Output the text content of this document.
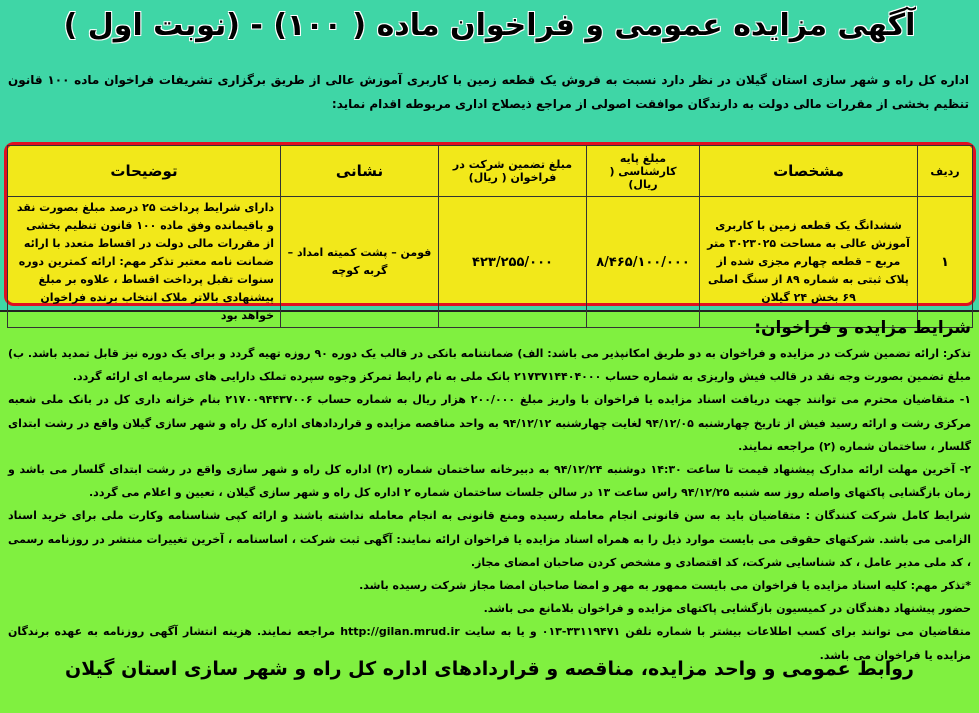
آگهی مزایده عمومی و فراخوان ماده ( ۱۰۰) - (نوبت اول )
اداره کل راه و شهر سازی استان گیلان در نظر دارد نسبت به فروش یک قطعه زمین با کاربری آموزش عالی از طریق برگزاری تشریفات فراخوان ماده ۱۰۰ قانون تنظیم بخشی از مقررات مالی دولت به دارندگان موافقت اصولی از مراجع ذیصلاح اداری مربوطه اقدام نماید:
ردیف	مشخصات	مبلغ پایه کارشناسی ( ریال)	مبلغ تضمین شرکت در فراخوان ( ریال)	نشانی	توضیحات
۱	ششدانگ یک قطعه زمین با کاربری آموزش عالی به مساحت ۳۰۲۳۰۲۵ متر مربع – قطعه چهارم مجزی شده از پلاک ثبتی به شماره ۸۹ از سنگ اصلی ۶۹ بخش ۲۴ گیلان	۸/۴۶۵/۱۰۰/۰۰۰	۴۲۳/۲۵۵/۰۰۰	فومن – پشت کمیته امداد – گربه کوچه	دارای شرایط پرداخت ۲۵ درصد مبلغ بصورت نقد و باقیمانده وفق ماده ۱۰۰ قانون تنظیم بخشی از مقررات مالی دولت در اقساط متعدد با ارائه ضمانت نامه معتبر تذکر مهم: ارائه کمترین دوره سنوات تقبل پرداخت اقساط ، علاوه بر مبلغ پیشنهادی بالاتر ملاک انتخاب برنده فراخوان خواهد بود
شرایط مزایده و فراخوان:

تذکر: ارائه تضمین شرکت در مزایده و فراخوان به دو طریق امکانپذیر می باشد: الف) ضمانتنامه بانکی در قالب یک دوره ۹۰ روزه تهیه گردد و برای یک دوره نیز قابل تمدید باشد. ب) مبلغ تضمین بصورت وجه نقد در قالب فیش واریزی به شماره حساب ۲۱۷۳۷۱۴۴۰۴۰۰۰ بانک ملی به نام رابط تمرکز وجوه سپرده تملک دارایی های سرمایه ای ارائه گردد.

۱- متقاضیان محترم می توانند جهت دریافت اسناد مزایده یا فراخوان با واریز مبلغ ۲۰۰/۰۰۰ هزار ریال به شماره حساب ۲۱۷۰۰۹۴۴۳۷۰۰۶ بنام خزانه داری کل در بانک ملی شعبه مرکزی رشت و ارائه رسید فیش از تاریخ چهارشنبه ۹۴/۱۲/۰۵ لغایت چهارشنبه ۹۴/۱۲/۱۲ به واحد مناقصه مزایده و قراردادهای اداره کل راه و شهر سازی گیلان واقع در رشت ابتدای گلسار ، ساختمان شماره (۲) مراجعه نمایند.

۲- آخرین مهلت ارائه مدارک پیشنهاد قیمت تا ساعت ۱۴:۳۰ دوشنبه ۹۴/۱۲/۲۴ به دبیرخانه ساختمان شماره (۲) اداره کل راه و شهر سازی واقع در رشت ابتدای گلسار می باشد و زمان بازگشایی پاکتهای واصله روز سه شنبه ۹۴/۱۲/۲۵ راس ساعت ۱۳ در سالن جلسات ساختمان شماره ۲ اداره کل راه و شهر سازی گیلان ، تعیین و اعلام می گردد.

شرایط کامل شرکت کنندگان : متقاضیان باید به سن قانونی انجام معامله رسیده ومنع قانونی به انجام معامله نداشته باشند و ارائه کپی شناسنامه وکارت ملی برای خرید اسناد الزامی می باشد. شرکتهای حقوقی می بایست موارد ذیل را به همراه اسناد مزایده یا فراخوان ارائه نمایند: آگهی ثبت شرکت ، اساسنامه ، آخرین تغییرات منتشر در روزنامه رسمی ، کد ملی مدیر عامل ، کد شناسایی شرکت، کد اقتصادی و مشخص کردن صاحبان امضای مجاز.

*تذکر مهم: کلیه اسناد مزایده یا فراخوان می بایست ممهور به مهر و امضا صاحبان امضا مجاز شرکت رسیده باشد.

حضور پیشنهاد دهندگان در کمیسیون بازگشایی پاکتهای مزایده و فراخوان بلامانع می باشد.

متقاضیان می توانند برای کسب اطلاعات بیشتر با شماره تلفن ۳۳۱۱۹۴۷۱-۰۱۳ و یا به سایت http://gilan.mrud.ir مراجعه نمایند. هزینه انتشار آگهی روزنامه به عهده برندگان مزایده یا فراخوان می باشد.

روابط عمومی و واحد مزایده، مناقصه و قراردادهای اداره کل راه و شهر سازی استان گیلان
